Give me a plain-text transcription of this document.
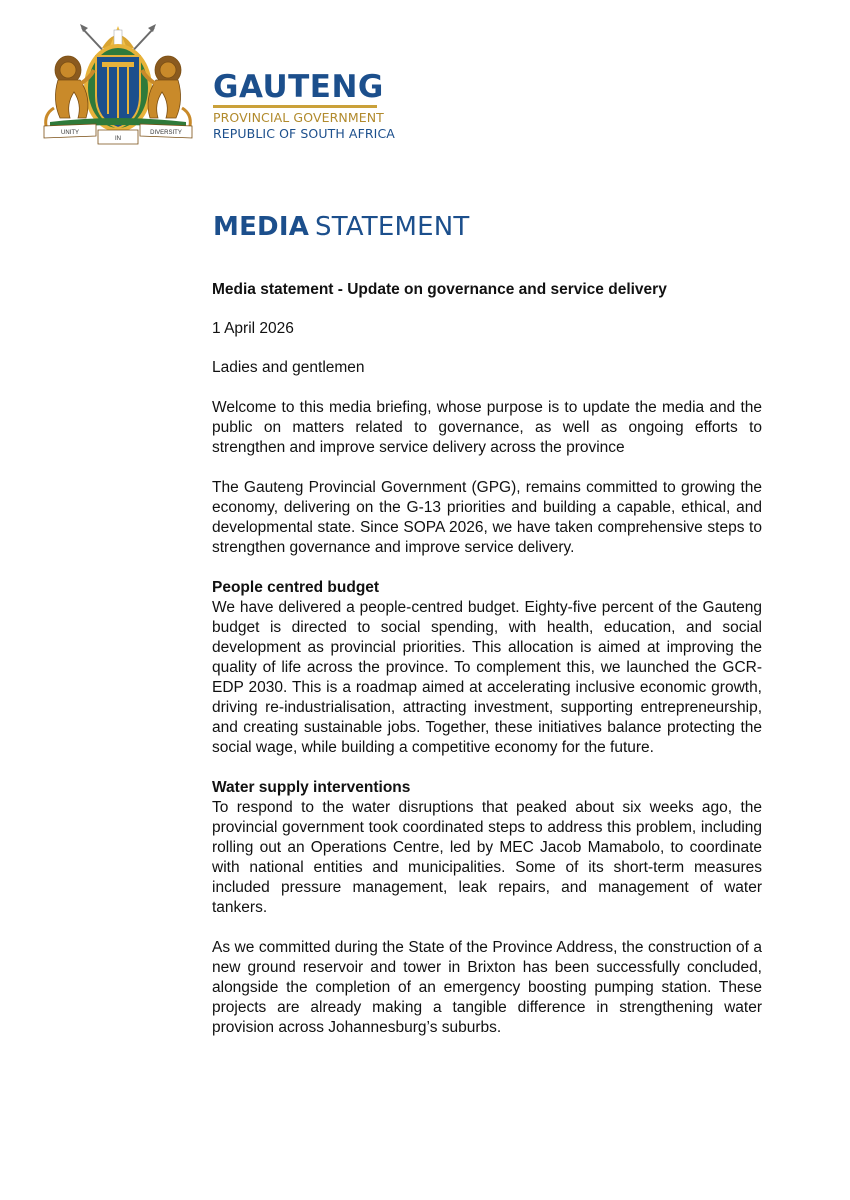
UNITY
IN
DIVERSITY
GAUTENG
PROVINCIAL GOVERNMENT
REPUBLIC OF SOUTH AFRICA
MEDIA STATEMENT

Media statement - Update on governance and service delivery

1 April 2026

Ladies and gentlemen

Welcome to this media briefing, whose purpose is to update the media and the public on matters related to governance, as well as ongoing efforts to strengthen and improve service delivery across the province

The Gauteng Provincial Government (GPG), remains committed to growing the economy, delivering on the G-13 priorities and building a capable, ethical, and developmental state. Since SOPA 2026, we have taken comprehensive steps to strengthen governance and improve service delivery.

People centred budget

We have delivered a people-centred budget. Eighty-five percent of the Gauteng budget is directed to social spending, with health, education, and social development as provincial priorities. This allocation is aimed at improving the quality of life across the province. To complement this, we launched the GCR-EDP 2030. This is a roadmap aimed at accelerating inclusive economic growth, driving re-industrialisation, attracting investment, supporting entrepreneurship, and creating sustainable jobs. Together, these initiatives balance protecting the social wage, while building a competitive economy for the future.

Water supply interventions

To respond to the water disruptions that peaked about six weeks ago, the provincial government took coordinated steps to address this problem, including rolling out an Operations Centre, led by MEC Jacob Mamabolo, to coordinate with national entities and municipalities. Some of its short-term measures included pressure management, leak repairs, and management of water tankers.

As we committed during the State of the Province Address, the construction of a new ground reservoir and tower in Brixton has been successfully concluded, alongside the completion of an emergency boosting pumping station. These projects are already making a tangible difference in strengthening water provision across Johannesburg’s suburbs.
